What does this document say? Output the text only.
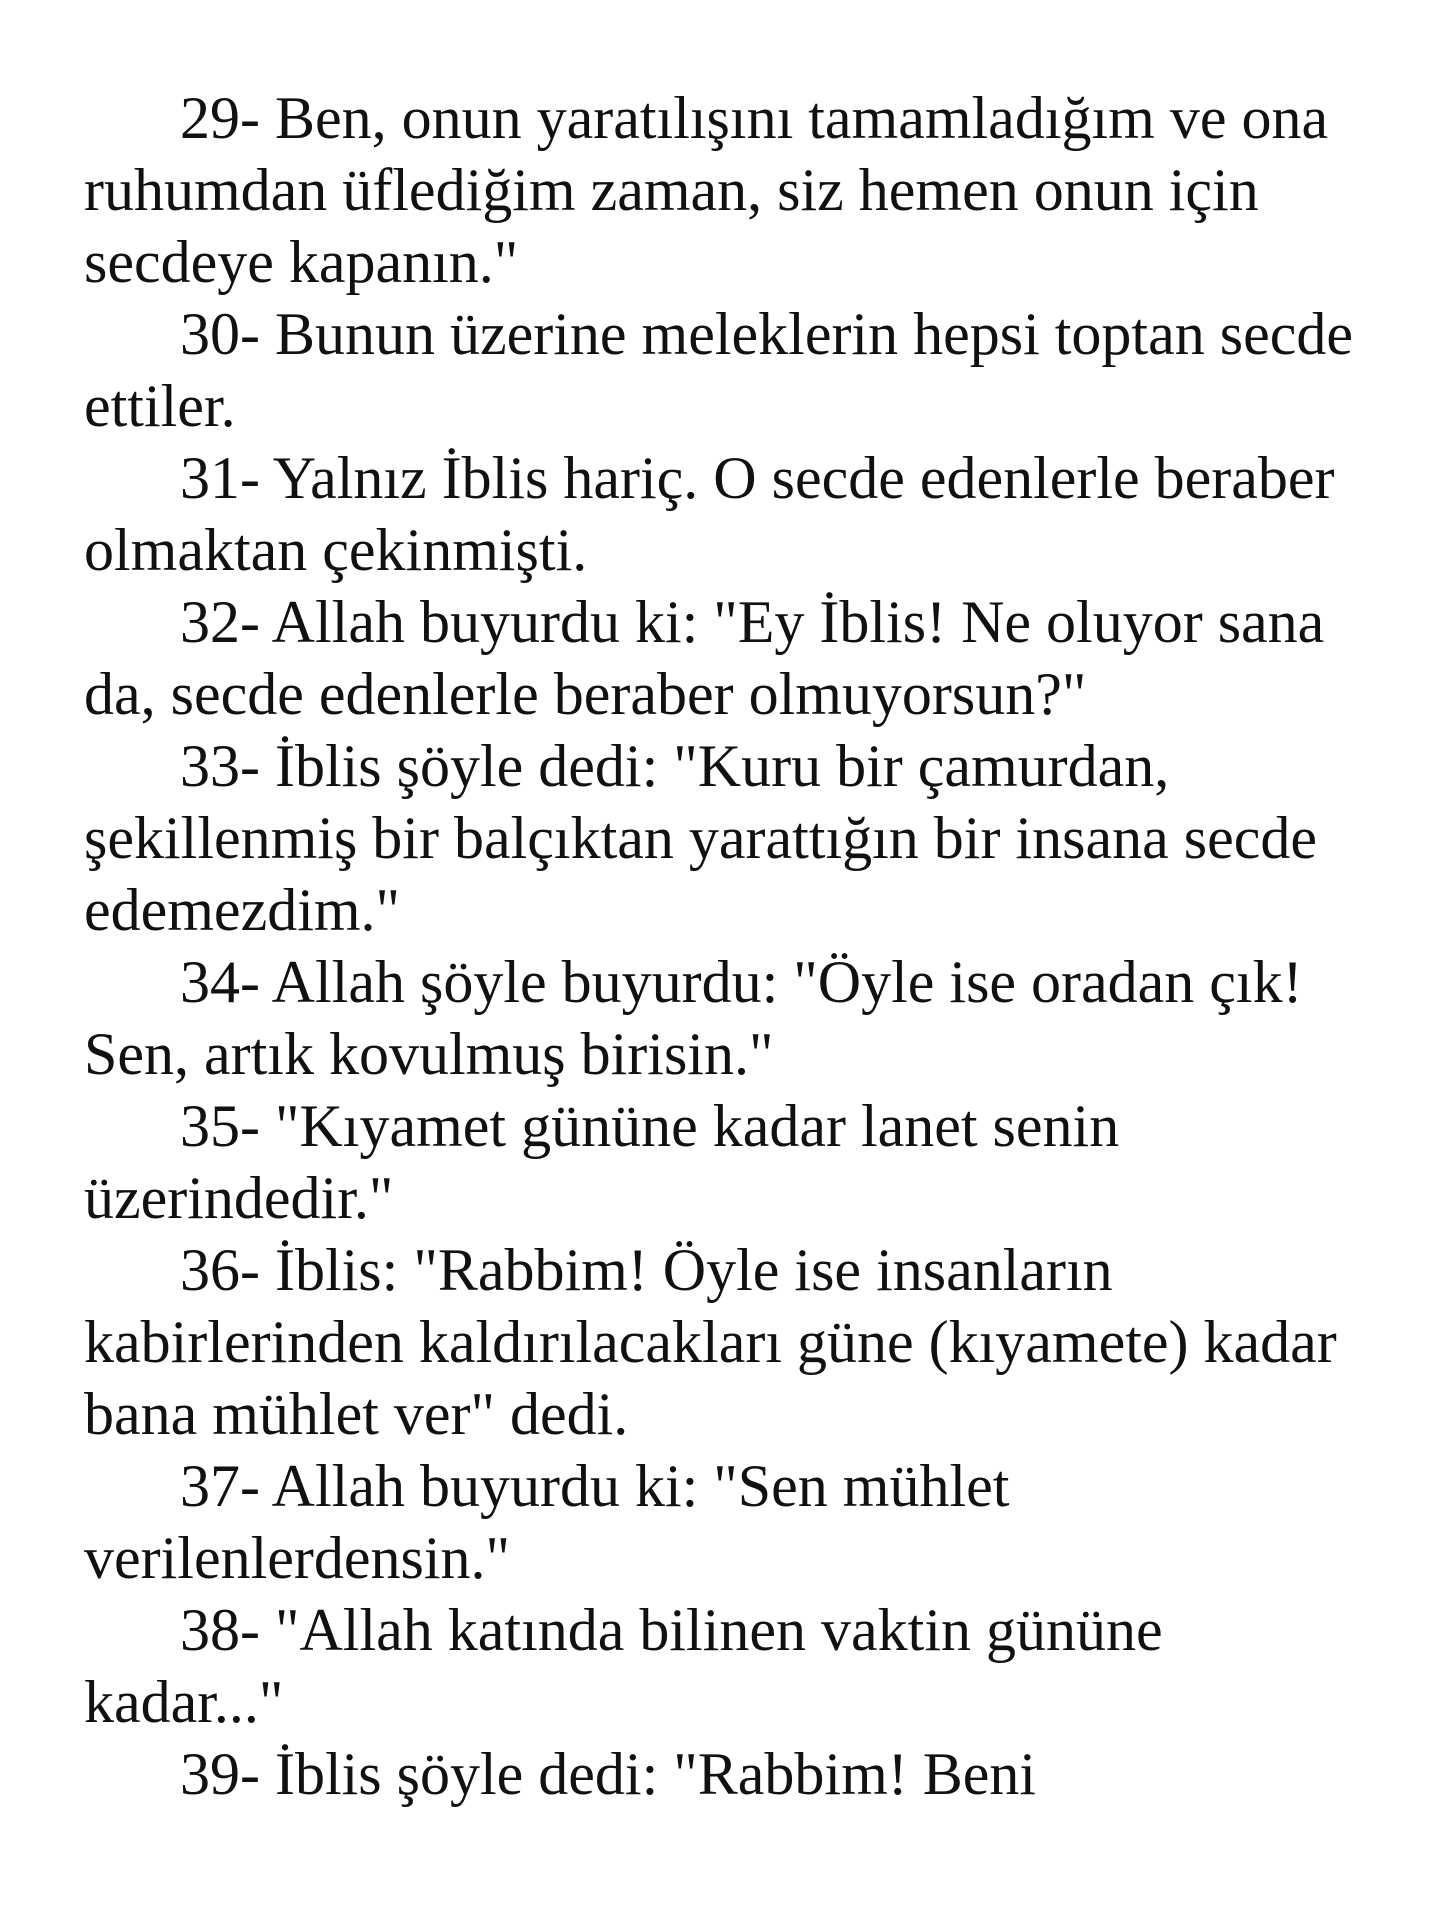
29- Ben, onun yaratılışını tamamladığım ve ona ruhumdan üflediğim zaman, siz hemen onun için secdeye kapanın."

30- Bunun üzerine meleklerin hepsi toptan secde ettiler.

31- Yalnız İblis hariç. O secde edenlerle beraber olmaktan çekinmişti.

32- Allah buyurdu ki: "Ey İblis! Ne oluyor sana da, secde edenlerle beraber olmuyorsun?"

33- İblis şöyle dedi: "Kuru bir çamurdan, şekillenmiş bir balçıktan yarattığın bir insana secde edemezdim."

34- Allah şöyle buyurdu: "Öyle ise oradan çık! Sen, artık kovulmuş birisin."

35- "Kıyamet gününe kadar lanet senin üzerindedir."

36- İblis: "Rabbim! Öyle ise insanların kabirlerinden kaldırılacakları güne (kıyamete) kadar bana mühlet ver" dedi.

37- Allah buyurdu ki: "Sen mühlet verilenlerdensin."

38- "Allah katında bilinen vaktin gününe kadar..."

39- İblis şöyle dedi: "Rabbim! Beni
